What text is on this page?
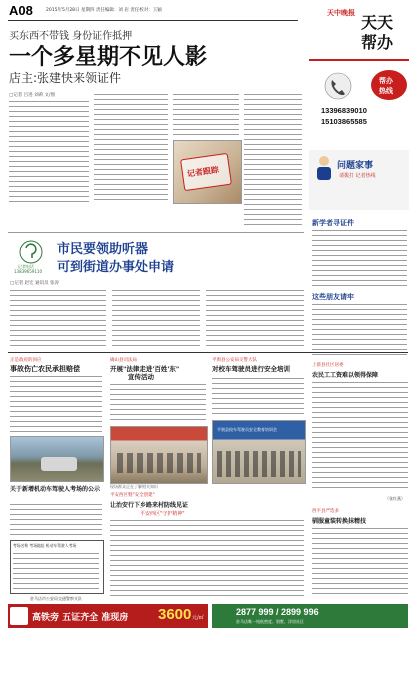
A08	2015年5月28日 星期四 责任编辑：刘 岩 责任校对：王颖	天中晚报 天天
帮办
买东西不带钱 身份证作抵押
一个多星期不见人影
店主:张建快来领证件
□记者 吕进 刘莉 文/图
记者跟踪
帮办
热线
13396839010
15103865585
问题家事
请拨打 记者热线
新学者寻证件
这些朋友请牢
记者电话
13839659110
市民要领助听器
可到街道办事处申请
□记者 赵宏 通讯员 张涛
正是政府的回应
事故伤亡农民承担赔偿
关于新增机动车驾驶人考场的公示
考场名称 考场地址 机动车驾驶人考场
驻马店市公安局交通警察支队
确山县司法局
开展"法律走进'百姓'东"
宣传活动
现场群众正在了解相关知识
平安西区暨"安全创建"
让治安行下乡路来村防线见证
平舆县公安局交警大队
对校车驾驶员进行安全培训
平舆县校车驾驶员安全教育培训会
平安西区"守护精神"
上蔡县社区居委
农民工工资难以领得保障
（张红燕）
西平县严选多
驯服童装转换抹精技
高铁旁 五证齐全 准现房 3600 元/㎡
2877 999 / 2899 996
驻马店唯一纯低密度、别墅、洋房社区
